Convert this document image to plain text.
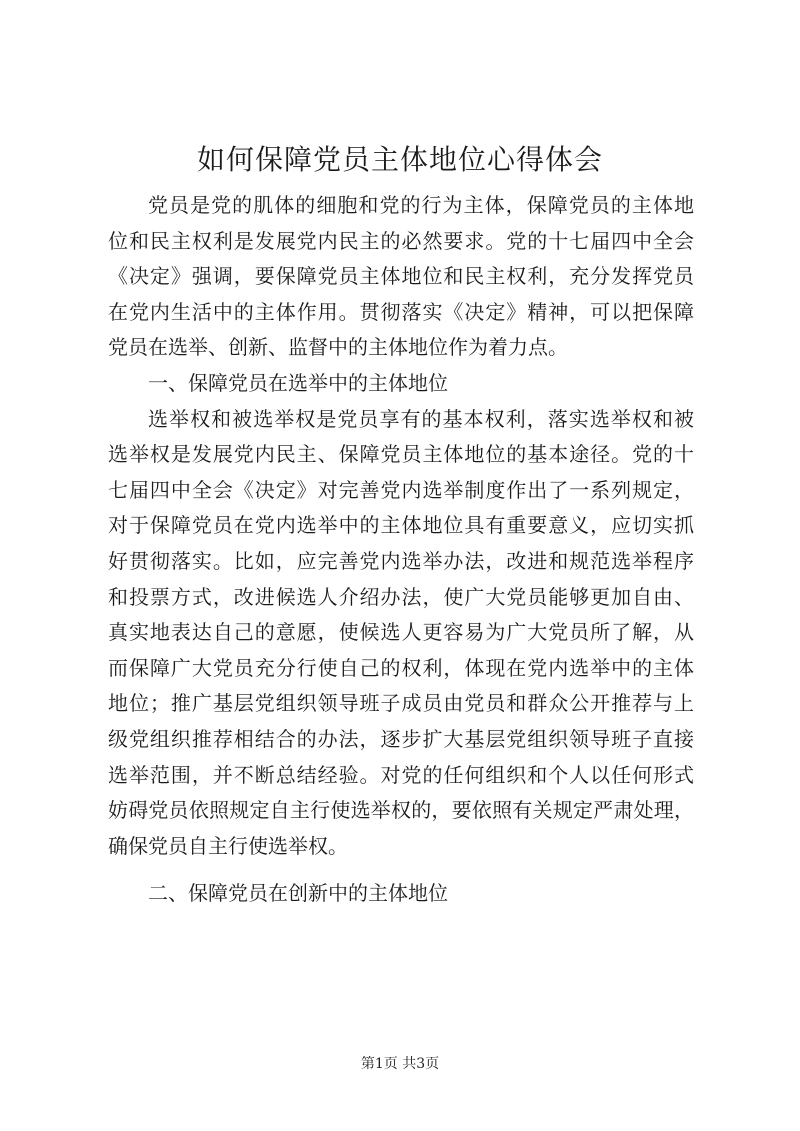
如何保障党员主体地位心得体会
党员是党的肌体的细胞和党的行为主体，保障党员的主体地
位和民主权利是发展党内民主的必然要求。党的十七届四中全会
《决定》强调，要保障党员主体地位和民主权利，充分发挥党员
在党内生活中的主体作用。贯彻落实《决定》精神，可以把保障
党员在选举、创新、监督中的主体地位作为着力点。
一、保障党员在选举中的主体地位
选举权和被选举权是党员享有的基本权利，落实选举权和被
选举权是发展党内民主、保障党员主体地位的基本途径。党的十
七届四中全会《决定》对完善党内选举制度作出了一系列规定，
对于保障党员在党内选举中的主体地位具有重要意义，应切实抓
好贯彻落实。比如，应完善党内选举办法，改进和规范选举程序
和投票方式，改进候选人介绍办法，使广大党员能够更加自由、
真实地表达自己的意愿，使候选人更容易为广大党员所了解，从
而保障广大党员充分行使自己的权利，体现在党内选举中的主体
地位；推广基层党组织领导班子成员由党员和群众公开推荐与上
级党组织推荐相结合的办法，逐步扩大基层党组织领导班子直接
选举范围，并不断总结经验。对党的任何组织和个人以任何形式
妨碍党员依照规定自主行使选举权的，要依照有关规定严肃处理，
确保党员自主行使选举权。
二、保障党员在创新中的主体地位
第1页 共3页
